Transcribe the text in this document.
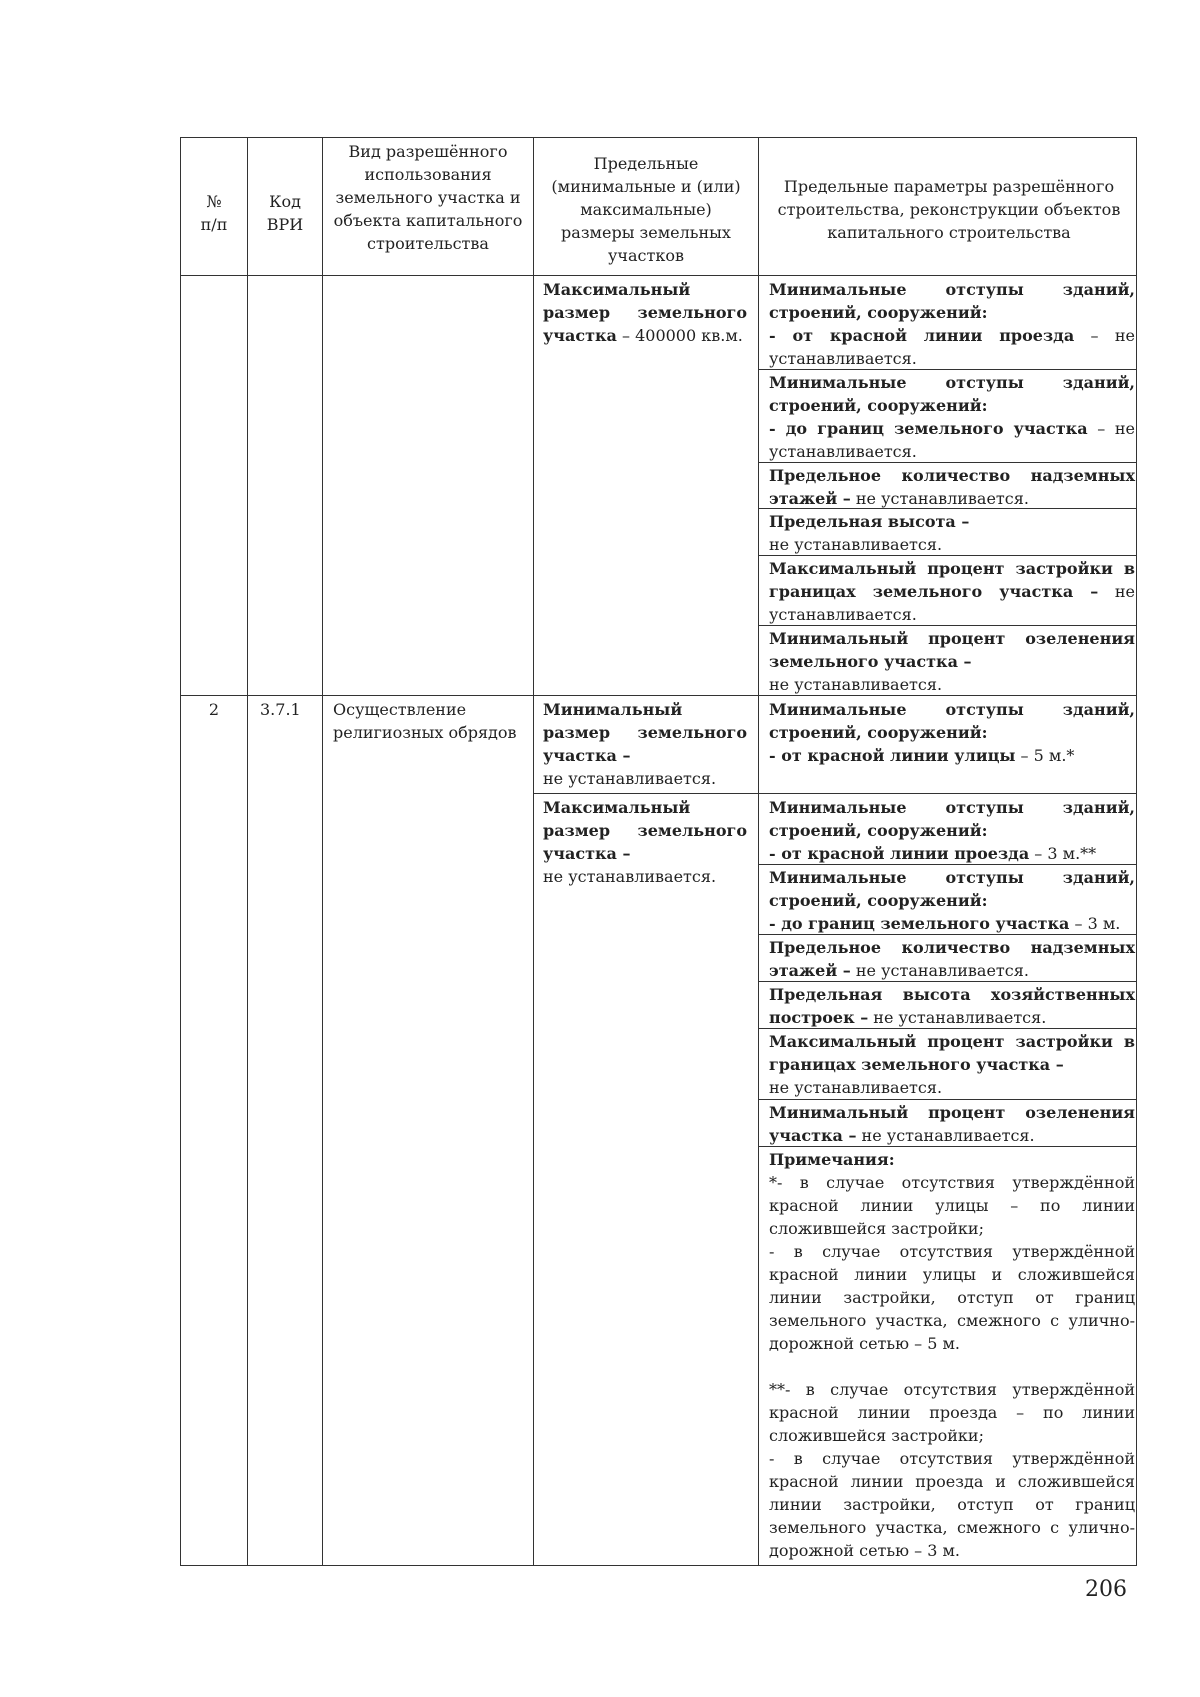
№
п/п
Код
ВРИ
Вид разрешённого использования земельного участка и объекта капитального строительства
Предельные (минимальные и (или) максимальные) размеры земельных участков
Предельные параметры разрешённого строительства, реконструкции объектов капитального строительства
Максимальный размер земельного участка – 400000 кв.м.
Минимальные отступы зданий, строений, сооружений:
- от красной линии проезда – не устанавливается.
Минимальные отступы зданий, строений, сооружений:
- до границ земельного участка – не устанавливается.
Предельное количество надземных этажей – не устанавливается.
Предельная высота –
не устанавливается.
Максимальный процент застройки в границах земельного участка – не устанавливается.
Минимальный процент озеленения земельного участка –
не устанавливается.
2	3.7.1	Осуществление религиозных обрядов
Минимальный размер земельного участка –
не устанавливается.
Максимальный размер земельного участка –
не устанавливается.
Минимальные отступы зданий, строений, сооружений:
- от красной линии улицы – 5 м.*
Минимальные отступы зданий, строений, сооружений:
- от красной линии проезда – 3 м.**
Минимальные отступы зданий, строений, сооружений:
- до границ земельного участка – 3 м.
Предельное количество надземных этажей – не устанавливается.
Предельная высота хозяйственных построек – не устанавливается.
Максимальный процент застройки в границах земельного участка –
не устанавливается.
Минимальный процент озеленения участка – не устанавливается.
Примечания:
*- в случае отсутствия утверждённой красной линии улицы – по линии сложившейся застройки;
- в случае отсутствия утверждённой красной линии улицы и сложившейся линии застройки, отступ от границ земельного участка, смежного с улично-дорожной сетью – 5 м.
**- в случае отсутствия утверждённой красной линии проезда – по линии сложившейся застройки;
- в случае отсутствия утверждённой красной линии проезда и сложившейся линии застройки, отступ от границ земельного участка, смежного с улично-дорожной сетью – 3 м.
206
